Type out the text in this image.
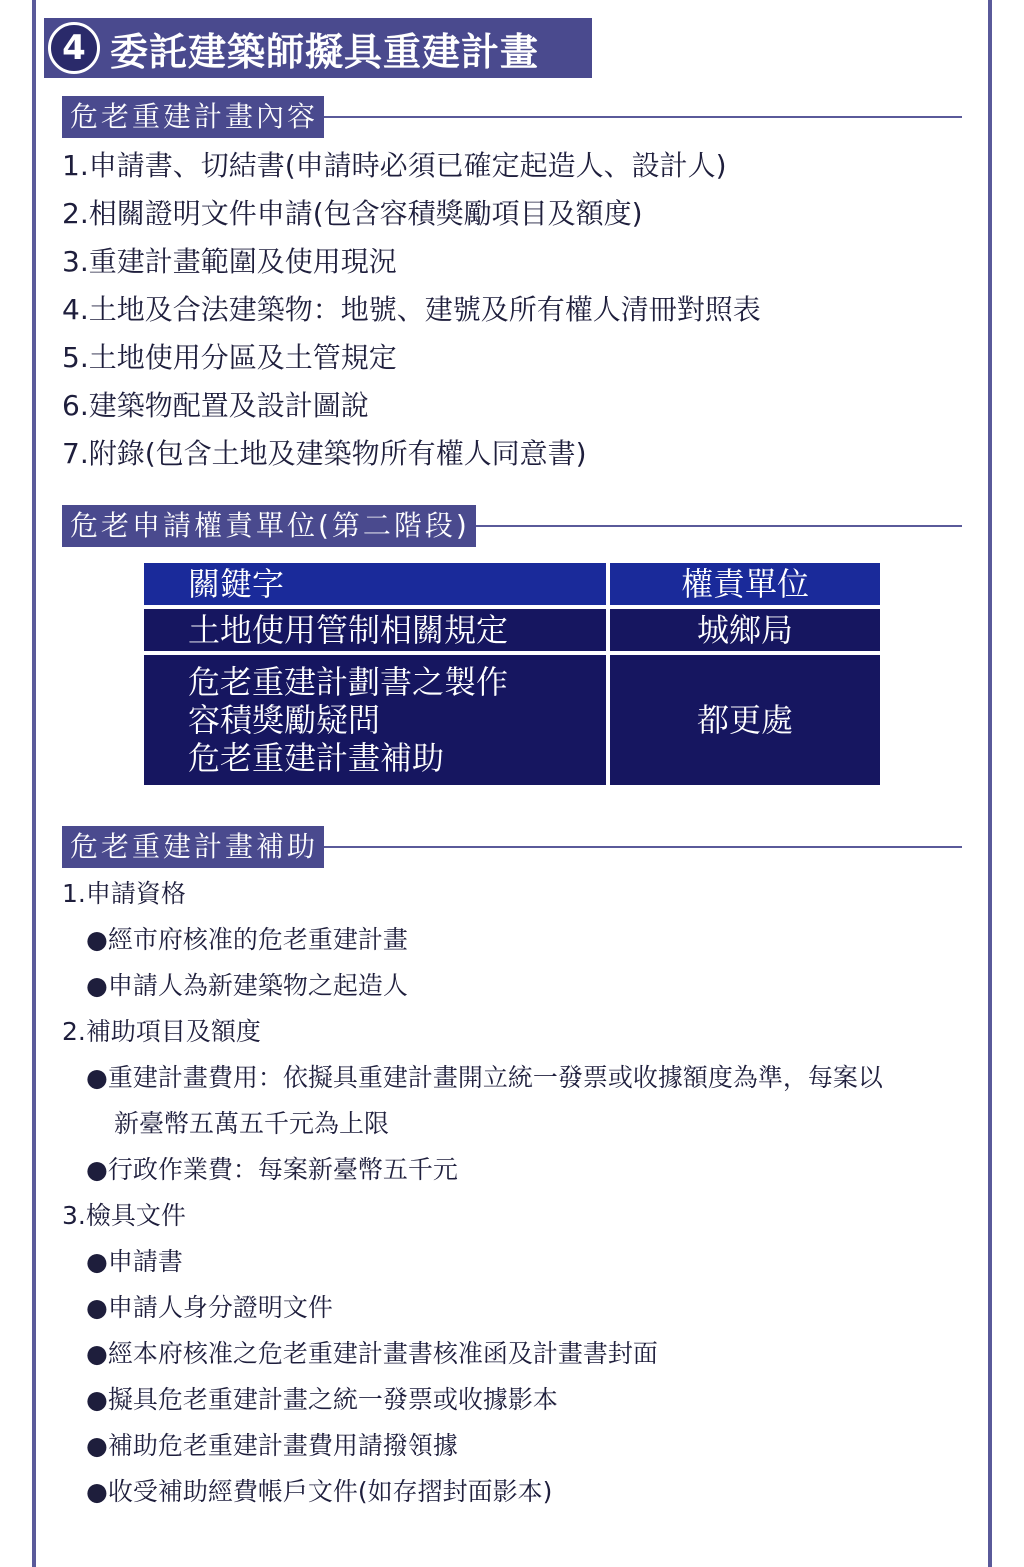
4 委託建築師擬具重建計畫
危老重建計畫內容
1.申請書、切結書(申請時必須已確定起造人、設計人)
2.相關證明文件申請(包含容積獎勵項目及額度)
3.重建計畫範圍及使用現況
4.土地及合法建築物：地號、建號及所有權人清冊對照表
5.土地使用分區及土管規定
6.建築物配置及設計圖說
7.附錄(包含土地及建築物所有權人同意書)
危老申請權責單位(第二階段)
關鍵字	權責單位
土地使用管制相關規定	城鄉局
危老重建計劃書之製作
容積獎勵疑問
危老重建計畫補助
都更處
危老重建計畫補助
1.申請資格
●經市府核准的危老重建計畫
●申請人為新建築物之起造人
2.補助項目及額度
●重建計畫費用：依擬具重建計畫開立統一發票或收據額度為準，每案以
新臺幣五萬五千元為上限
●行政作業費：每案新臺幣五千元
3.檢具文件
●申請書
●申請人身分證明文件
●經本府核准之危老重建計畫書核准函及計畫書封面
●擬具危老重建計畫之統一發票或收據影本
●補助危老重建計畫費用請撥領據
●收受補助經費帳戶文件(如存摺封面影本)
